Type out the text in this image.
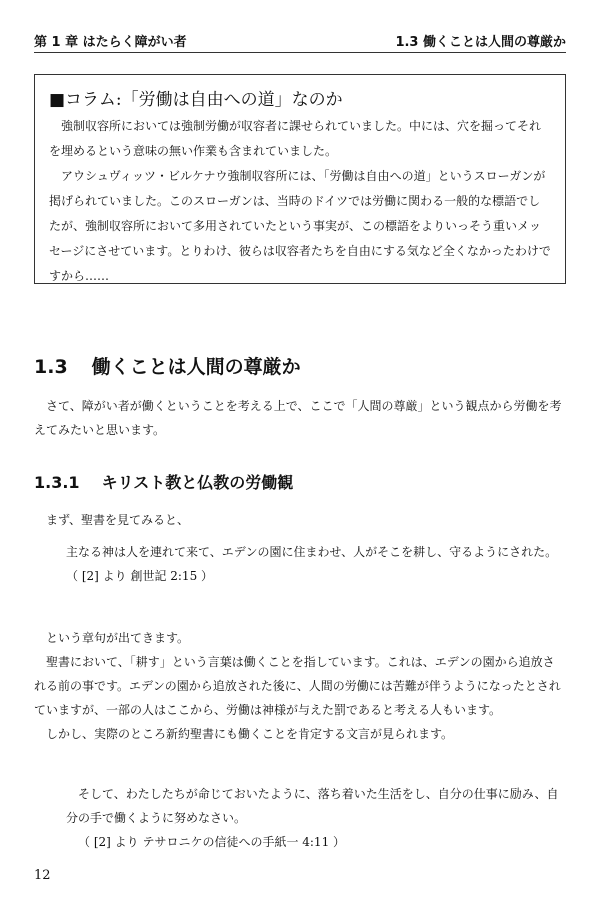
第 1 章 はたらく障がい者	1.3 働くことは人間の尊厳か
■コラム:「労働は自由への道」なのか

強制収容所においては強制労働が収容者に課せられていました。中には、穴を掘ってそれを埋めるという意味の無い作業も含まれていました。

アウシュヴィッツ・ビルケナウ強制収容所には、「労働は自由への道」というスローガンが掲げられていました。このスローガンは、当時のドイツでは労働に関わる一般的な標語でしたが、強制収容所において多用されていたという事実が、この標語をよりいっそう重いメッセージにさせています。とりわけ、彼らは収容者たちを自由にする気など全くなかったわけですから……

1.3 働くことは人間の尊厳か

さて、障がい者が働くということを考える上で、ここで「人間の尊厳」という観点から労働を考えてみたいと思います。

1.3.1 キリスト教と仏教の労働観

まず、聖書を見てみると、

主なる神は人を連れて来て、エデンの園に住まわせ、人がそこを耕し、守るようにされた。

（ [2] より 創世記 2:15 ）

という章句が出てきます。

聖書において、「耕す」という言葉は働くことを指しています。これは、エデンの園から追放される前の事です。エデンの園から追放された後に、人間の労働には苦難が伴うようになったとされていますが、一部の人はここから、労働は神様が与えた罰であると考える人もいます。

しかし、実際のところ新約聖書にも働くことを肯定する文言が見られます。

そして、わたしたちが命じておいたように、落ち着いた生活をし、自分の仕事に励み、自分の手で働くように努めなさい。

（ [2] より テサロニケの信徒への手紙一 4:11 ）

12
